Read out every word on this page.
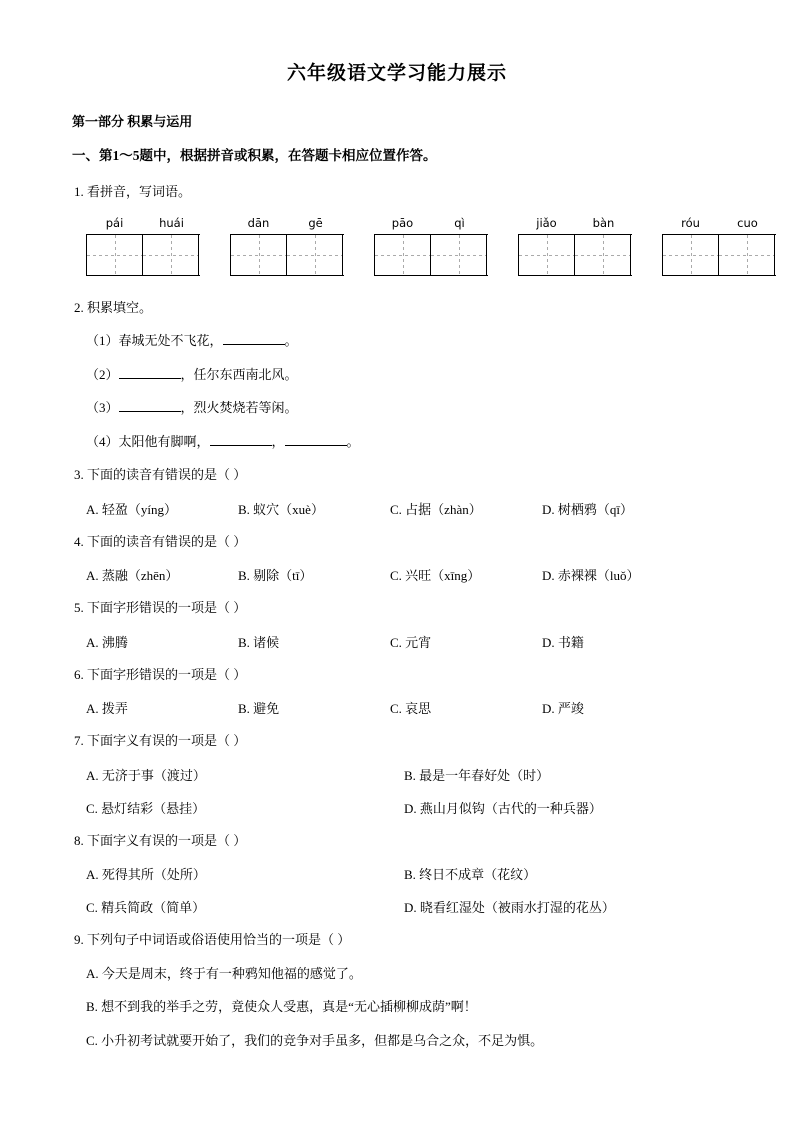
六年级语文学习能力展示
第一部分 积累与运用
一、第1～5题中，根据拼音或积累，在答题卡相应位置作答。
1. 看拼音，写词语。
pái	huái	dān	gē	pāo	qì	jiǎo	bàn	róu	cuo
2. 积累填空。
（1）春城无处不飞花，	。
（2）	，任尔东西南北风。
（3）	，烈火焚烧若等闲。
（4）太阳他有脚啊，	，	。
3. 下面的读音有错误的是（ ）
A. 轻盈（yíng）	B. 蚁穴（xuè）	C. 占据（zhàn）	D. 树栖鸦（qī）
4. 下面的读音有错误的是（ ）
A. 蒸融（zhēn）	B. 剔除（tī）	C. 兴旺（xīng）	D. 赤裸裸（luǒ）
5. 下面字形错误的一项是（ ）
A. 沸腾	B. 诸候	C. 元宵	D. 书籍
6. 下面字形错误的一项是（ ）
A. 拨弄	B. 避免	C. 哀思	D. 严竣
7. 下面字义有误的一项是（ ）
A. 无济于事（渡过）	B. 最是一年春好处（时）
C. 悬灯结彩（悬挂）	D. 燕山月似钩（古代的一种兵器）
8. 下面字义有误的一项是（ ）
A. 死得其所（处所）	B. 终日不成章（花纹）
C. 精兵简政（简单）	D. 晓看红湿处（被雨水打湿的花丛）
9. 下列句子中词语或俗语使用恰当的一项是（ ）
A. 今天是周末，终于有一种鸦知他福的感觉了。
B. 想不到我的举手之劳，竟使众人受惠，真是“无心插柳柳成荫”啊！
C. 小升初考试就要开始了，我们的竞争对手虽多，但都是乌合之众，不足为惧。
